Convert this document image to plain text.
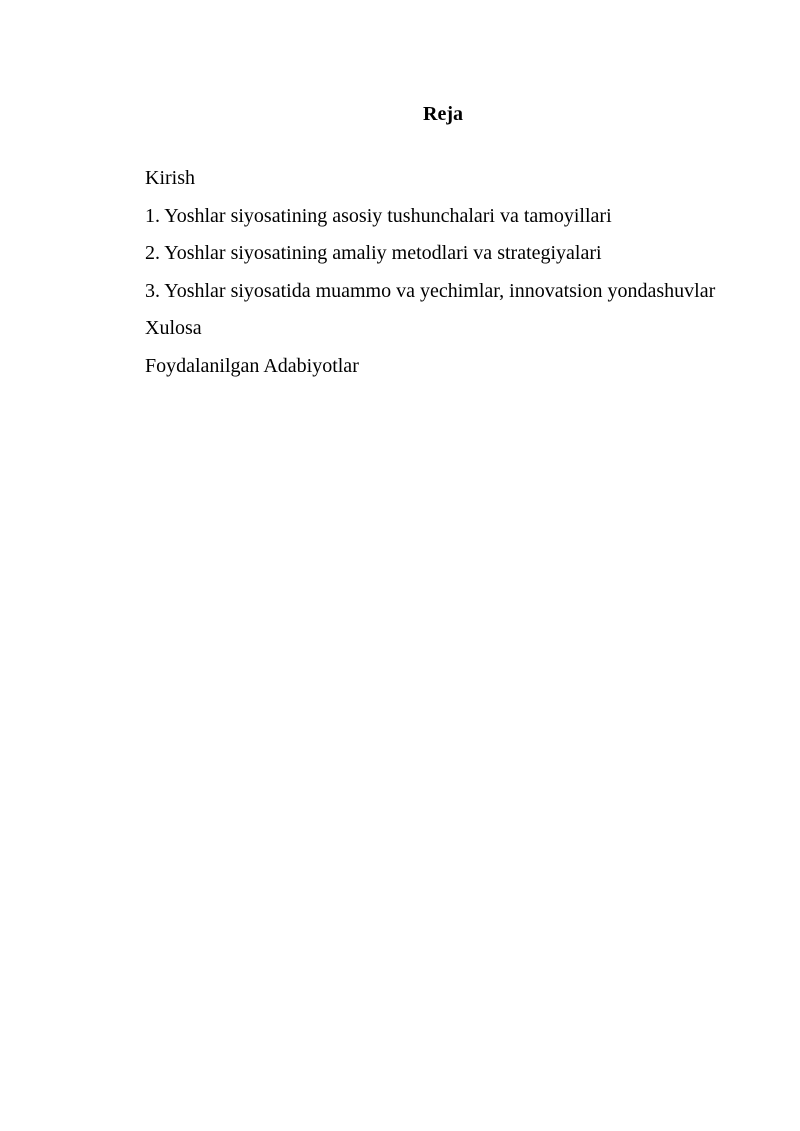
Reja

Kirish

1. Yoshlar siyosatining asosiy tushunchalari va tamoyillari

2. Yoshlar siyosatining amaliy metodlari va strategiyalari

3. Yoshlar siyosatida muammo va yechimlar, innovatsion yondashuvlar

Xulosa

Foydalanilgan Adabiyotlar
